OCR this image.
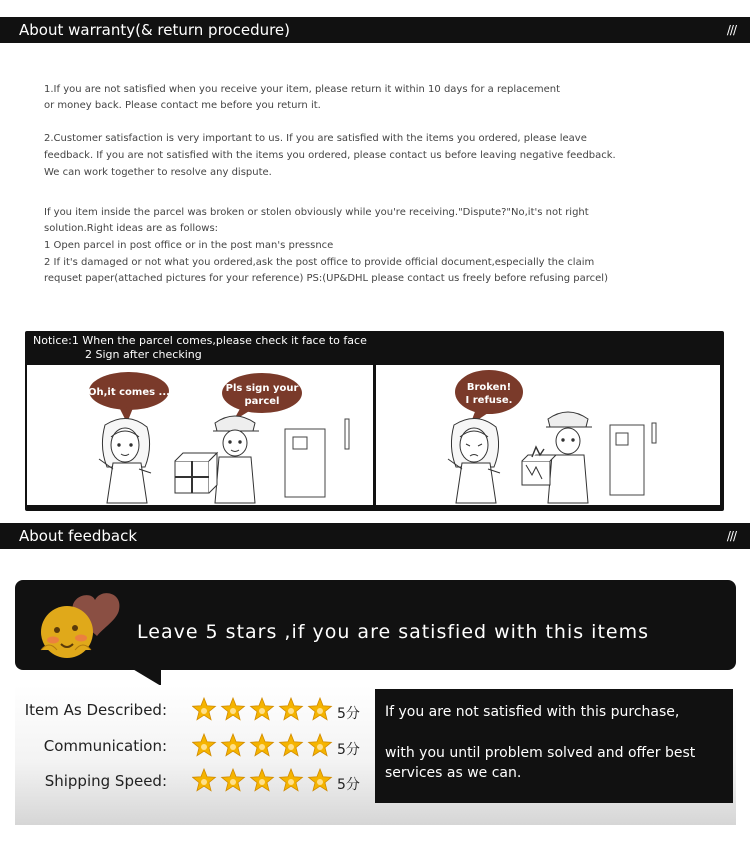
About warranty(& return procedure)	///

1.If you are not satisfied when you receive your item, please return it within 10 days for a replacement

or money back. Please contact me before you return it.

2.Customer satisfaction is very important to us. If you are satisfied with the items you ordered, please leave

feedback. If you are not satisfied with the items you ordered, please contact us before leaving negative feedback.

We can work together to resolve any dispute.

If you item inside the parcel was broken or stolen obviously while you're receiving."Dispute?"No,it's not right

solution.Right ideas are as follows:

1 Open parcel in post office or in the post man's pressnce

2 If it's damaged or not what you ordered,ask the post office to provide official document,especially the claim

requset paper(attached pictures for your reference) PS:(UP&DHL please contact us freely before refusing parcel)

Notice:1 When the parcel comes,please check it face to face
2 Sign after checking
Oh,it comes ...	Pls sign your
parcel
Broken!
I refuse.
About feedback	///
Leave 5 stars ,if you are satisfied with this items
Item As Described:	5分
Communication:	5分
Shipping Speed:	5分
If you are not satisfied with this purchase,
with you until problem solved and offer best
services as we can.
